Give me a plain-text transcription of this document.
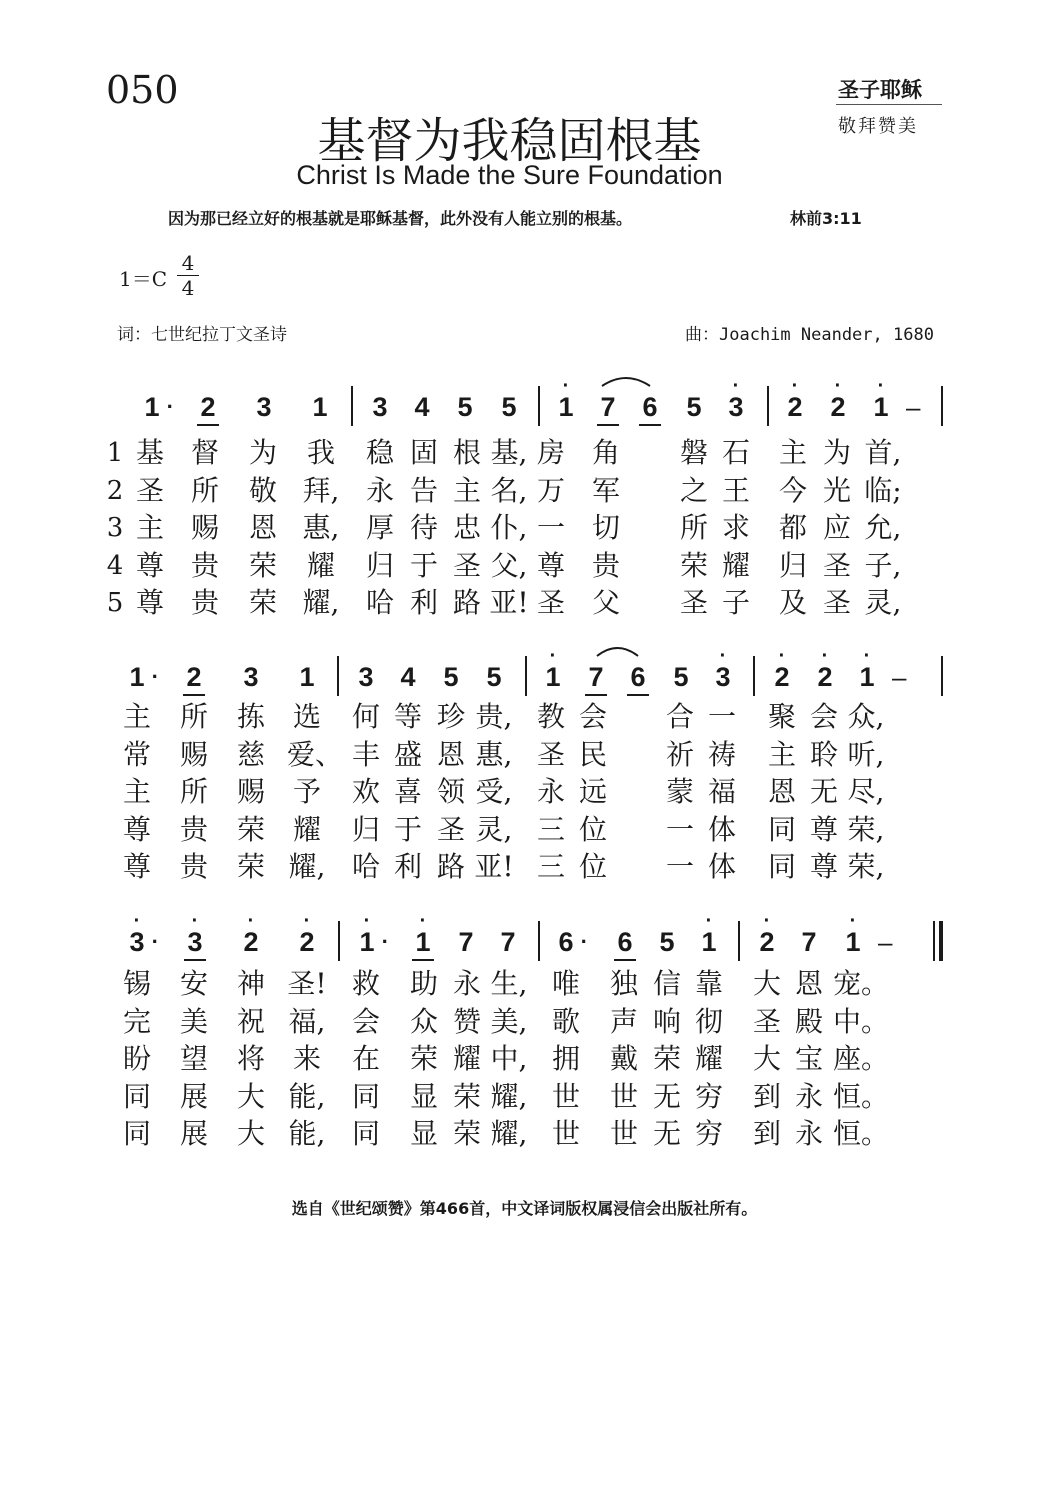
050	圣子耶稣
敬拜赞美
基督为我稳固根基
Christ Is Made the Sure Foundation
因为那已经立好的根基就是耶稣基督，此外没有人能立别的根基。	林前3:11
1＝C
4
4
词：七世纪拉丁文圣诗	曲：Joachim Neander, 1680
1 · 2	3	1	3 4	5	5	1
·
7 6	5 3
·
2
·
2
·
1
·
–
1 基 督 为 我 稳 固 根 基, 房 角 磐 石 主 为 首,
2 圣 所 敬 拜, 永 告 主 名, 万 军 之 王 今 光 临;
3 主 赐 恩 惠, 厚 待 忠 仆, 一 切 所 求 都 应 允,
4 尊 贵 荣 耀 归 于 圣 父, 尊 贵 荣 耀 归 圣 子,
5 尊 贵 荣 耀, 哈 利 路 亚! 圣 父 圣 子 及 圣 灵,
1 ·	2	3	1	3 4	5	5	1
·
7 6	5 3
·
2
·
2
·
1
·
–
主 所 拣 选 何 等 珍 贵, 教 会 合 一 聚 会 众,
常 赐 慈 爱、 丰 盛 恩 惠, 圣 民 祈 祷 主 聆 听,
主 所 赐 予 欢 喜 领 受, 永 远 蒙 福 恩 无 尽,
尊 贵 荣 耀 归 于 圣 灵, 三 位 一 体 同 尊 荣,
尊 贵 荣 耀, 哈 利 路 亚! 三 位 一 体 同 尊 荣,
3
·
·	3
·
2
·
2
·
1
·
· 1
·
7 7	6 ·	6 5 1
·
2
·
7	1
·
–
锡 安 神 圣! 救 助 永 生, 唯 独 信 靠 大 恩 宠。
完 美 祝 福, 会 众 赞 美, 歌 声 响 彻 圣 殿 中。
盼 望 将 来 在 荣 耀 中, 拥 戴 荣 耀 大 宝 座。
同 展 大 能, 同 显 荣 耀, 世 世 无 穷 到 永 恒。
同 展 大 能, 同 显 荣 耀, 世 世 无 穷 到 永 恒。
选自《世纪颂赞》第466首，中文译词版权属浸信会出版社所有。
